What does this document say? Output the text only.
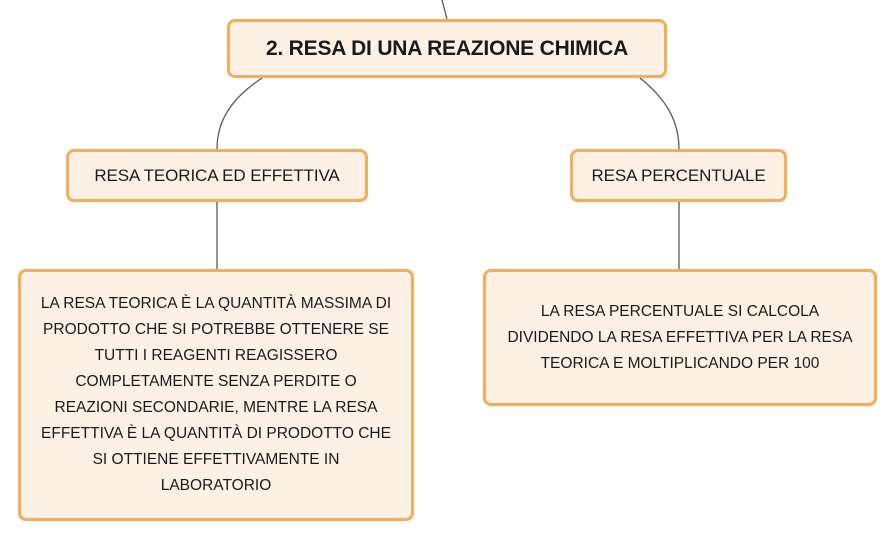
2. RESA DI UNA REAZIONE CHIMICA
RESA TEORICA ED EFFETTIVA	RESA PERCENTUALE
LA RESA TEORICA È LA QUANTITÀ MASSIMA DI PRODOTTO CHE SI POTREBBE OTTENERE SE TUTTI I REAGENTI REAGISSERO COMPLETAMENTE SENZA PERDITE O REAZIONI SECONDARIE, MENTRE LA RESA EFFETTIVA È LA QUANTITÀ DI PRODOTTO CHE SI OTTIENE EFFETTIVAMENTE IN LABORATORIO
LA RESA PERCENTUALE SI CALCOLA DIVIDENDO LA RESA EFFETTIVA PER LA RESA TEORICA E MOLTIPLICANDO PER 100
